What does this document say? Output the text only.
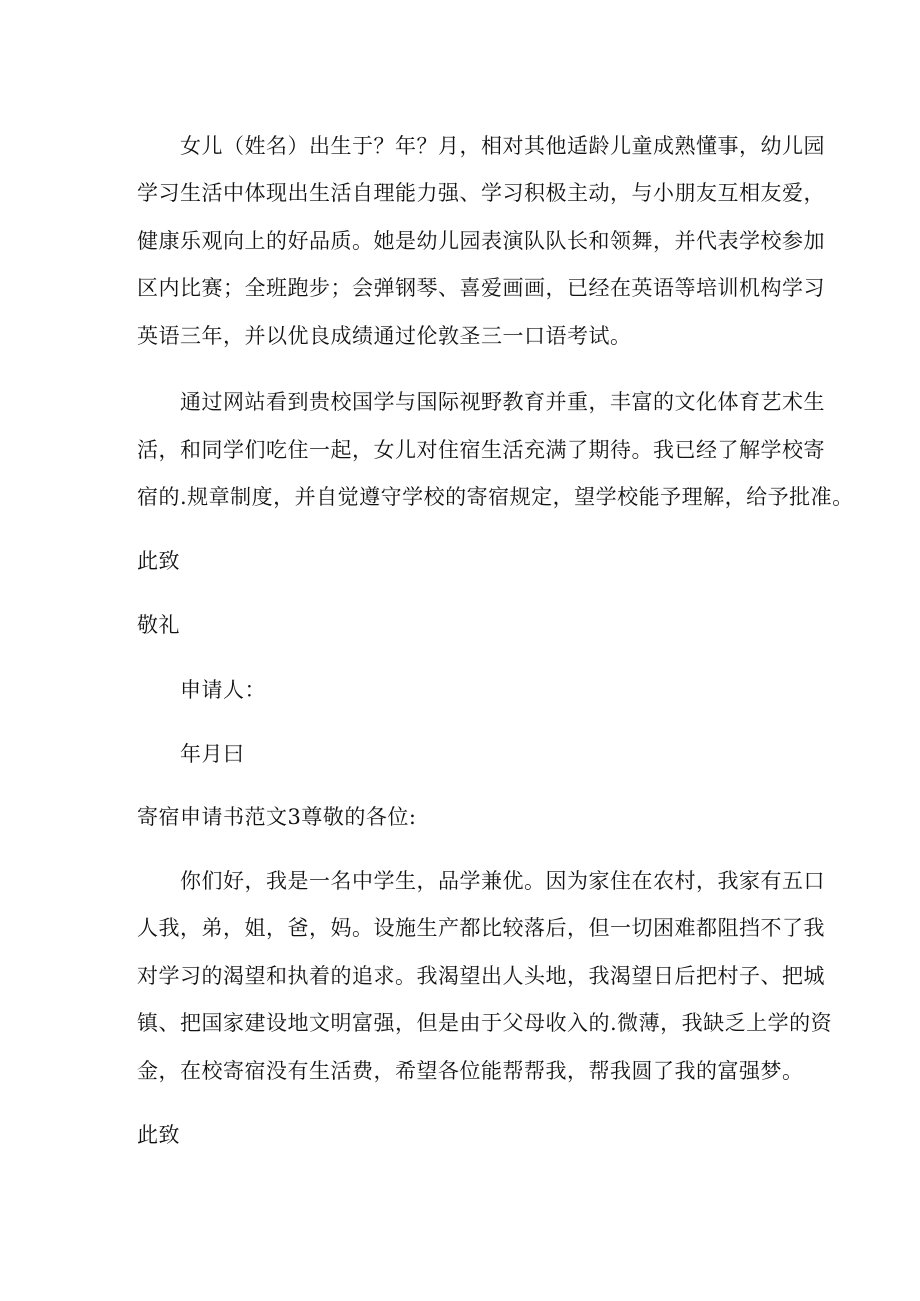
女儿（姓名）出生于？年？月，相对其他适龄儿童成熟懂事，幼儿园
学习生活中体现出生活自理能力强、学习积极主动，与小朋友互相友爱，
健康乐观向上的好品质。她是幼儿园表演队队长和领舞，并代表学校参加
区内比赛；全班跑步；会弹钢琴、喜爱画画，已经在英语等培训机构学习
英语三年，并以优良成绩通过伦敦圣三一口语考试。
通过网站看到贵校国学与国际视野教育并重，丰富的文化体育艺术生
活，和同学们吃住一起，女儿对住宿生活充满了期待。我已经了解学校寄
宿的.规章制度，并自觉遵守学校的寄宿规定，望学校能予理解，给予批准。
此致
敬礼
申请人：
年月曰
寄宿申请书范文3尊敬的各位:
你们好，我是一名中学生，品学兼优。因为家住在农村，我家有五口
人我，弟，姐，爸，妈。设施生产都比较落后，但一切困难都阻挡不了我
对学习的渴望和执着的追求。我渴望出人头地，我渴望日后把村子、把城
镇、把国家建设地文明富强，但是由于父母收入的.微薄，我缺乏上学的资
金，在校寄宿没有生活费，希望各位能帮帮我，帮我圆了我的富强梦。
此致
